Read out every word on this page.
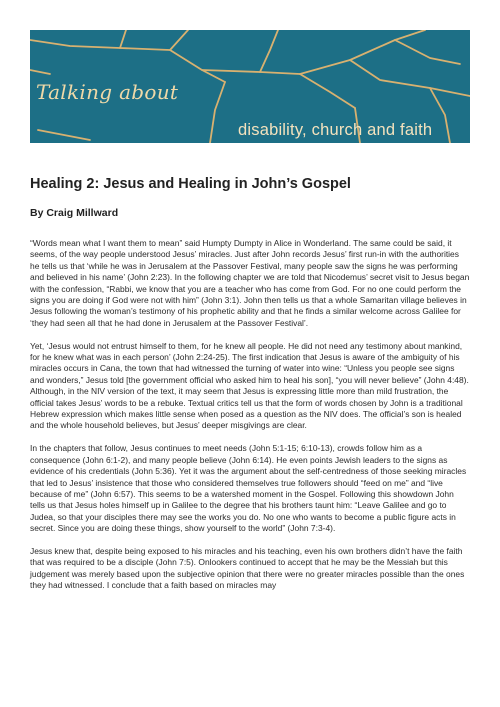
Talking about
disability, church and faith
Healing 2: Jesus and Healing in John’s Gospel

By Craig Millward

“Words mean what I want them to mean” said Humpty Dumpty in Alice in Wonderland. The same could be said, it seems, of the way people understood Jesus’ miracles. Just after John records Jesus’ first run-in with the authorities he tells us that ‘while he was in Jerusalem at the Passover Festival, many people saw the signs he was performing and believed in his name’ (John 2:23). In the following chapter we are told that Nicodemus’ secret visit to Jesus began with the confession, “Rabbi, we know that you are a teacher who has come from God. For no one could perform the signs you are doing if God were not with him” (John 3:1). John then tells us that a whole Samaritan village believes in Jesus following the woman’s testimony of his prophetic ability and that he finds a similar welcome across Galilee for ‘they had seen all that he had done in Jerusalem at the Passover Festival’.

Yet, ‘Jesus would not entrust himself to them, for he knew all people. He did not need any testimony about mankind, for he knew what was in each person’ (John 2:24-25). The first indication that Jesus is aware of the ambiguity of his miracles occurs in Cana, the town that had witnessed the turning of water into wine: “Unless you people see signs and wonders,” Jesus told [the government official who asked him to heal his son], “you will never believe” (John 4:48). Although, in the NIV version of the text, it may seem that Jesus is expressing little more than mild frustration, the official takes Jesus’ words to be a rebuke. Textual critics tell us that the form of words chosen by John is a traditional Hebrew expression which makes little sense when posed as a question as the NIV does. The official’s son is healed and the whole household believes, but Jesus’ deeper misgivings are clear.

In the chapters that follow, Jesus continues to meet needs (John 5:1-15; 6:10-13), crowds follow him as a consequence (John 6:1-2), and many people believe (John 6:14). He even points Jewish leaders to the signs as evidence of his credentials (John 5:36). Yet it was the argument about the self-centredness of those seeking miracles that led to Jesus’ insistence that those who considered themselves true followers should “feed on me” and “live because of me” (John 6:57). This seems to be a watershed moment in the Gospel. Following this showdown John tells us that Jesus holes himself up in Galilee to the degree that his brothers taunt him: “Leave Galilee and go to Judea, so that your disciples there may see the works you do. No one who wants to become a public figure acts in secret. Since you are doing these things, show yourself to the world” (John 7:3-4).

Jesus knew that, despite being exposed to his miracles and his teaching, even his own brothers didn’t have the faith that was required to be a disciple (John 7:5). Onlookers continued to accept that he may be the Messiah but this judgement was merely based upon the subjective opinion that there were no greater miracles possible than the ones they had witnessed. I conclude that a faith based on miracles may
